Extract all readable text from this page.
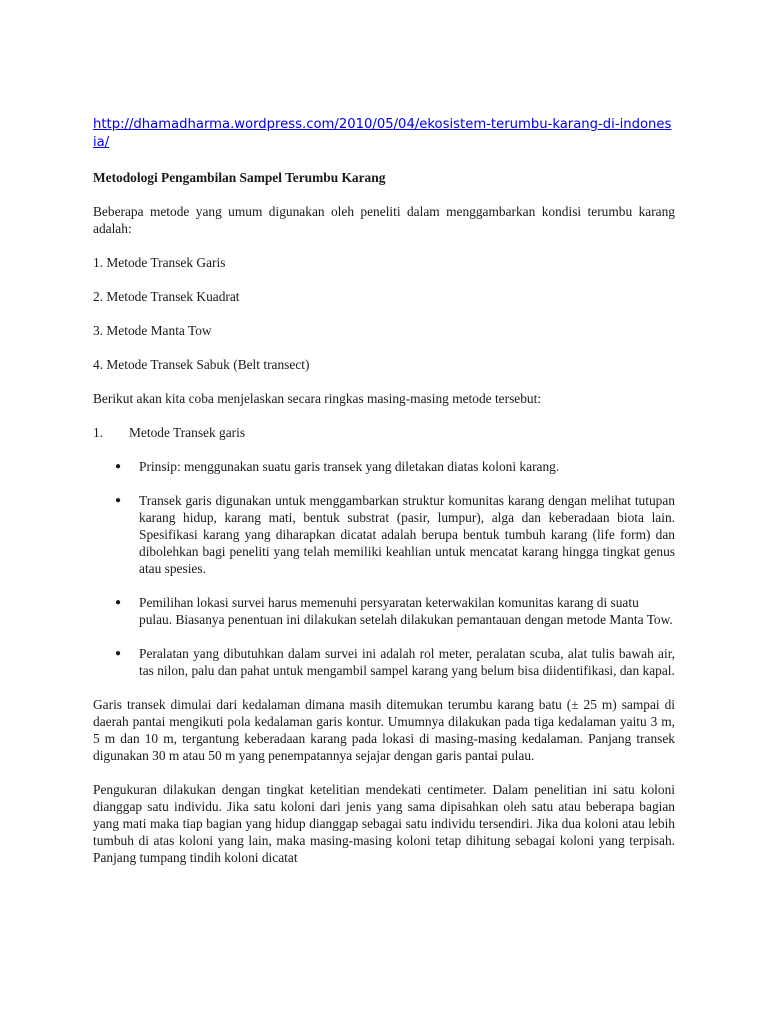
http://dhamadharma.wordpress.com/2010/05/04/ekosistem-terumbu-karang-di-indonesia/

Metodologi Pengambilan Sampel Terumbu Karang

Beberapa metode yang umum digunakan oleh peneliti dalam menggambarkan kondisi terumbu karang adalah:

1. Metode Transek Garis

2. Metode Transek Kuadrat

3. Metode Manta Tow

4. Metode Transek Sabuk (Belt transect)

Berikut akan kita coba menjelaskan secara ringkas masing-masing metode tersebut:

1.	Metode Transek garis
●	Prinsip: menggunakan suatu garis transek yang diletakan diatas koloni karang.
●	Transek garis digunakan untuk menggambarkan struktur komunitas karang dengan melihat tutupan karang hidup, karang mati, bentuk substrat (pasir, lumpur), alga dan keberadaan biota lain. Spesifikasi karang yang diharapkan dicatat adalah berupa bentuk tumbuh karang (life form) dan dibolehkan bagi peneliti yang telah memiliki keahlian untuk mencatat karang hingga tingkat genus atau spesies.
●	Pemilihan lokasi survei harus memenuhi persyaratan keterwakilan komunitas karang di suatu pulau. Biasanya penentuan ini dilakukan setelah dilakukan pemantauan dengan metode Manta Tow.
●	Peralatan yang dibutuhkan dalam survei ini adalah rol meter, peralatan scuba, alat tulis bawah air, tas nilon, palu dan pahat untuk mengambil sampel karang yang belum bisa diidentifikasi, dan kapal.

Garis transek dimulai dari kedalaman dimana masih ditemukan terumbu karang batu (± 25 m) sampai di daerah pantai mengikuti pola kedalaman garis kontur. Umumnya dilakukan pada tiga kedalaman yaitu 3 m, 5 m dan 10 m, tergantung keberadaan karang pada lokasi di masing-masing kedalaman. Panjang transek digunakan 30 m atau 50 m yang penempatannya sejajar dengan garis pantai pulau.

Pengukuran dilakukan dengan tingkat ketelitian mendekati centimeter. Dalam penelitian ini satu koloni dianggap satu individu. Jika satu koloni dari jenis yang sama dipisahkan oleh satu atau beberapa bagian yang mati maka tiap bagian yang hidup dianggap sebagai satu individu tersendiri. Jika dua koloni atau lebih tumbuh di atas koloni yang lain, maka masing-masing koloni tetap dihitung sebagai koloni yang terpisah. Panjang tumpang tindih koloni dicatat
